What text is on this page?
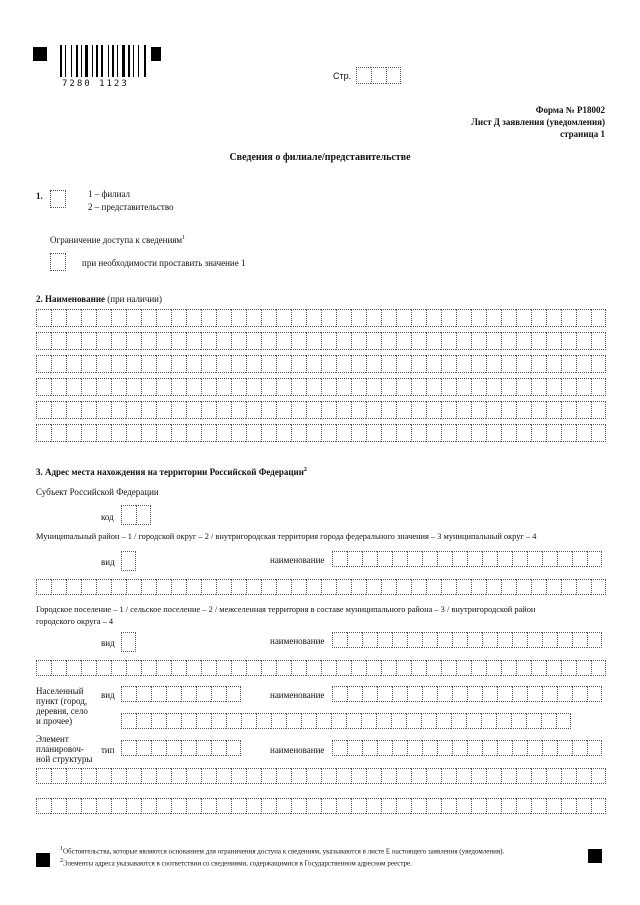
7280 1123
Стр.
Форма № Р18002
Лист Д заявления (уведомления)
страница 1
Сведения о филиале/представительстве
1.	1 – филиал
2 – представительство
Ограничение доступа к сведениям$^1$
при необходимости проставить значение 1
2. Наименование (при наличии)
3. Адрес места нахождения на территории Российской Федерации$^2$
Субъект Российской Федерации
код
Муниципальный район – 1 / городской округ – 2 / внутригородская территория города федерального значения – 3 муниципальный округ – 4
вид	наименование
Городское поселение – 1 / сельское поселение – 2 / межселенная территория в составе муниципального района – 3 / внутригородской район
городского округа – 4
вид	наименование
Населенный
пункт (город,
деревня, село
и прочее)
вид	наименование
Элемент
планировоч-
ной структуры
тип	наименование
$^1$Обстоятельства, которые являются основанием для ограничения доступа к сведениям, указываются в листе Е настоящего заявления (уведомления).
$^2$Элементы адреса указываются в соответствии со сведениями, содержащимися в Государственном адресном реестре.
